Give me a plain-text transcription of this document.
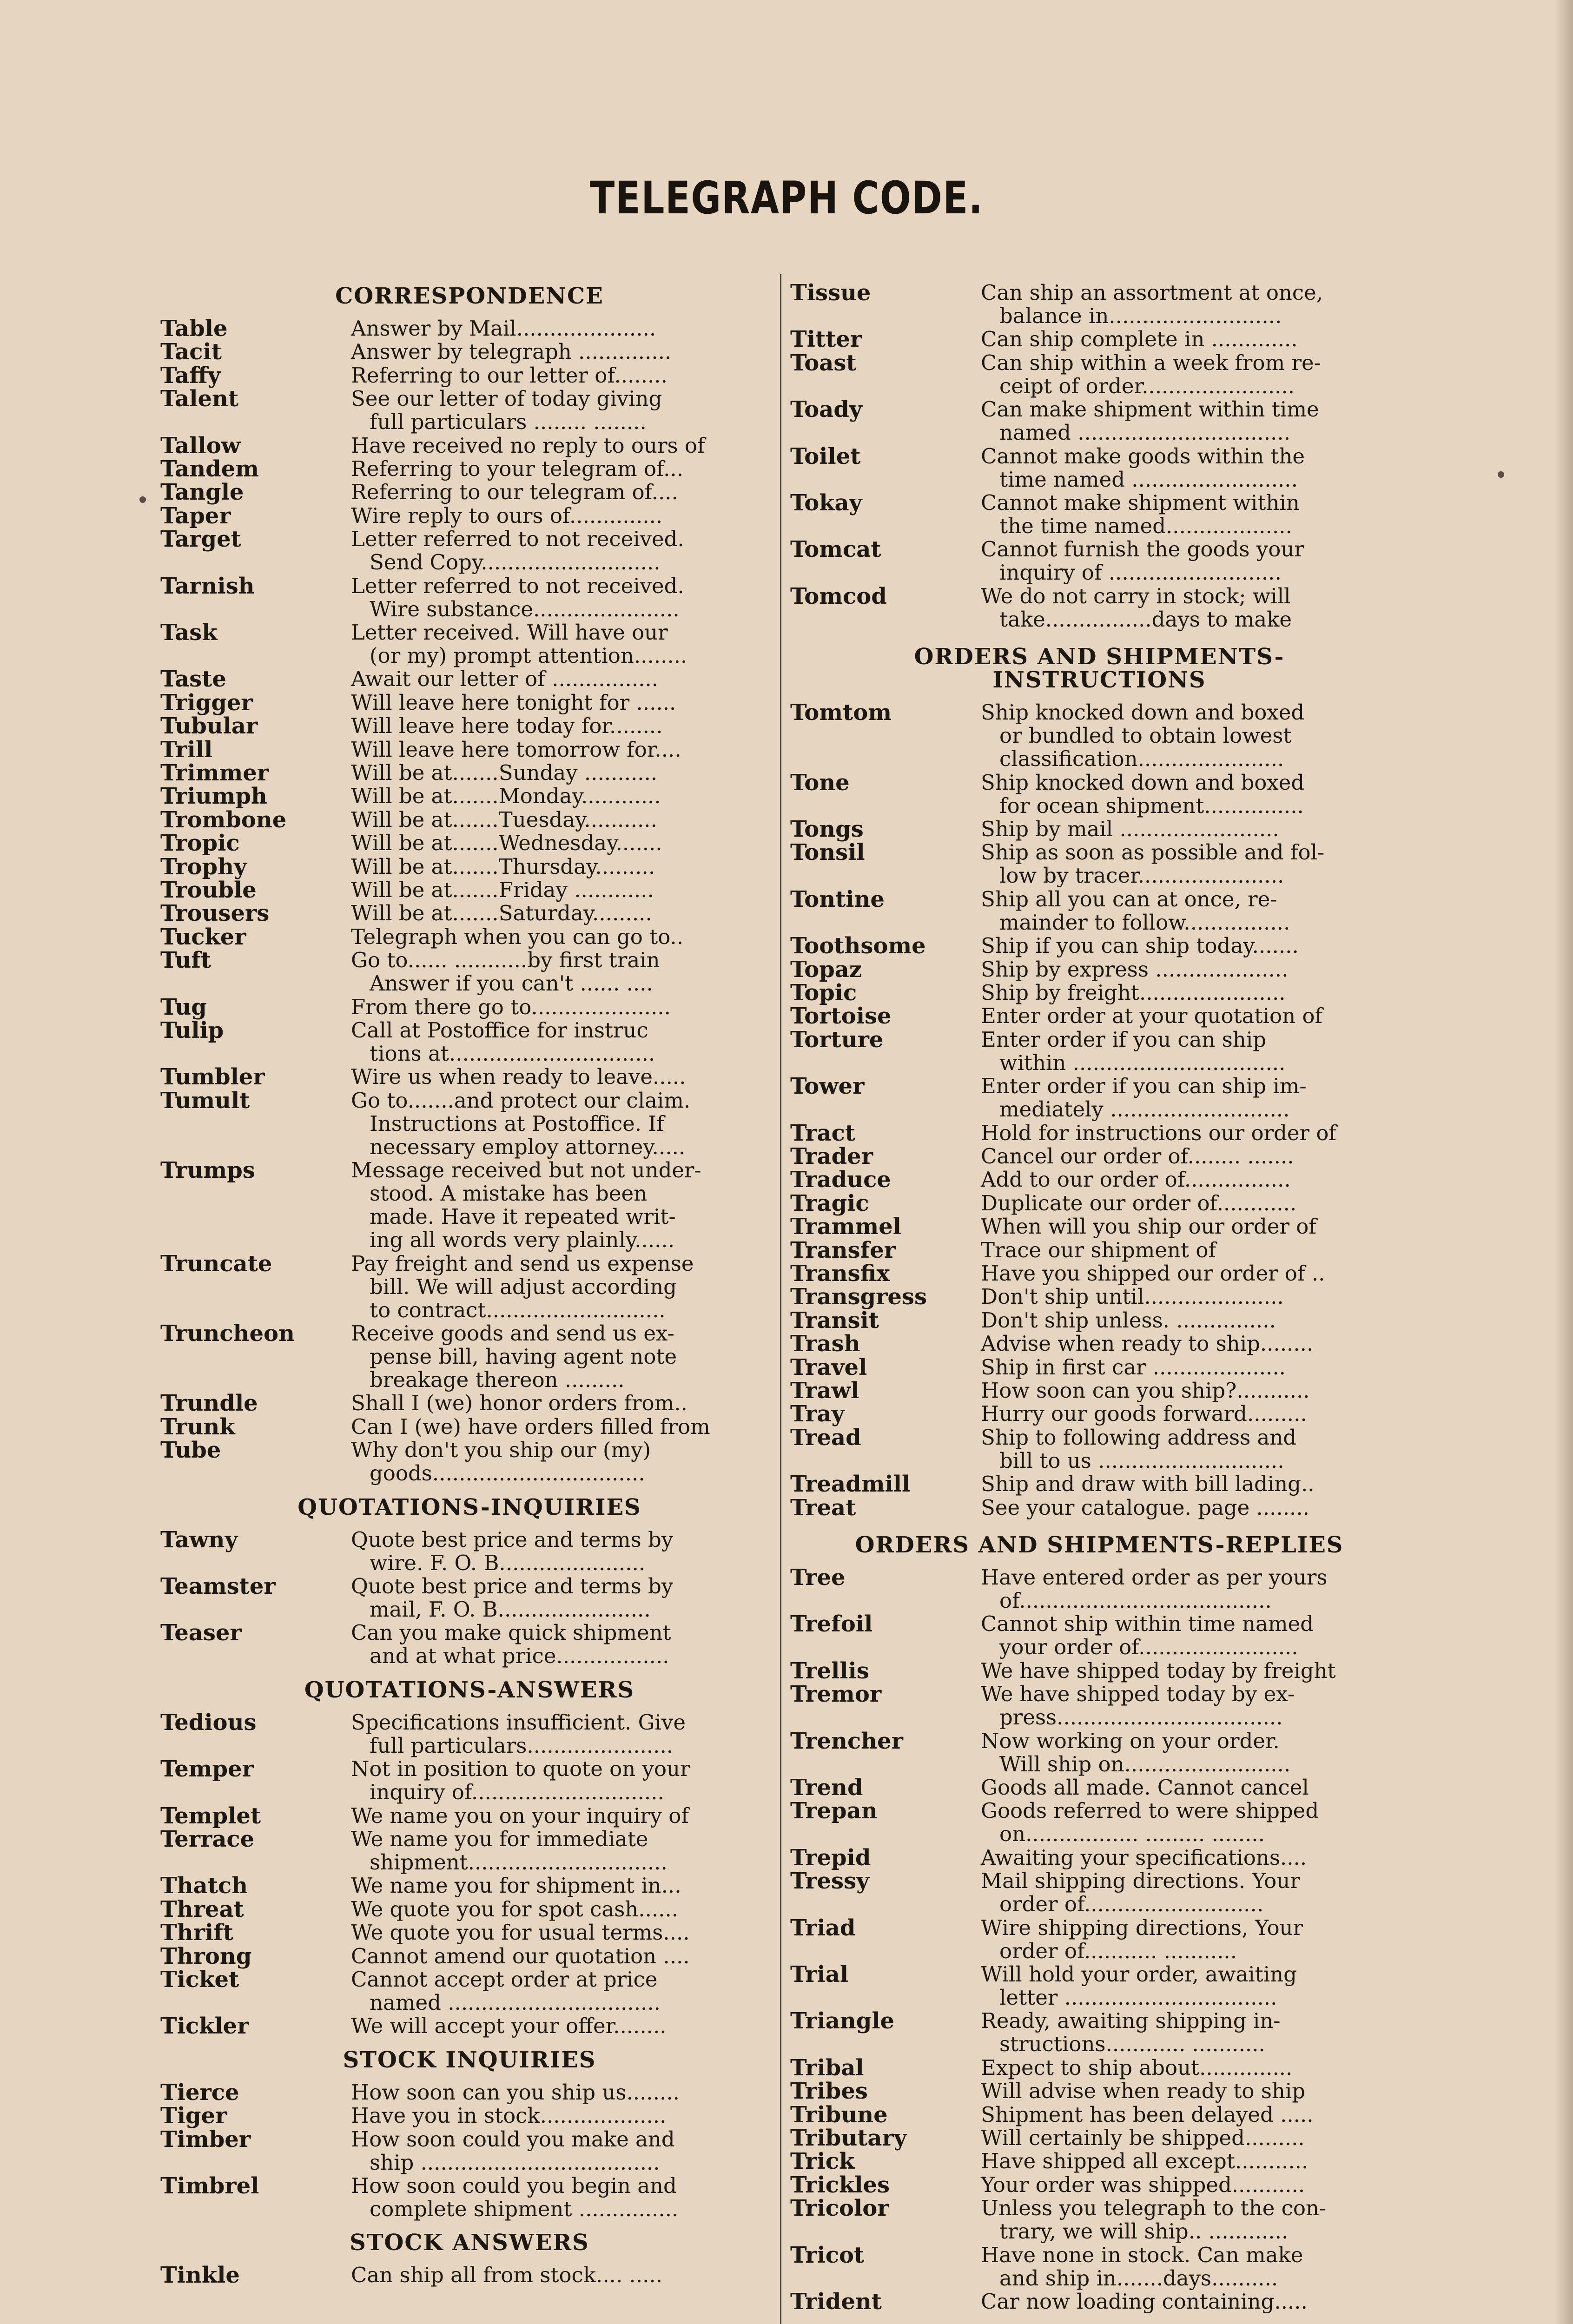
TELEGRAPH CODE.
CORRESPONDENCE
Table	Answer by Mail.....................
Tacit	Answer by telegraph ..............
Taffy	Referring to our letter of........
Talent	See our letter of today giving
full particulars ........ ........
Tallow	Have received no reply to ours of
Tandem	Referring to your telegram of...
Tangle	Referring to our telegram of....
Taper	Wire reply to ours of..............
Target	Letter referred to not received.
Send Copy...........................
Tarnish	Letter referred to not received.
Wire substance......................
Task	Letter received. Will have our
(or my) prompt attention........
Taste	Await our letter of ................
Trigger	Will leave here tonight for ......
Tubular	Will leave here today for........
Trill	Will leave here tomorrow for....
Trimmer	Will be at.......Sunday ...........
Triumph	Will be at.......Monday............
Trombone	Will be at.......Tuesday...........
Tropic	Will be at.......Wednesday.......
Trophy	Will be at.......Thursday.........
Trouble	Will be at.......Friday ............
Trousers	Will be at.......Saturday.........
Tucker	Telegraph when you can go to..
Tuft	Go to...... ...........by first train
Answer if you can't ...... ....
Tug	From there go to.....................
Tulip	Call at Postoffice for instruc
tions at...............................
Tumbler	Wire us when ready to leave.....
Tumult	Go to.......and protect our claim.
Instructions at Postoffice. If
necessary employ attorney.....
Trumps	Message received but not under-
stood. A mistake has been
made. Have it repeated writ-
ing all words very plainly......
Truncate	Pay freight and send us expense
bill. We will adjust according
to contract...........................
Truncheon	Receive goods and send us ex-
pense bill, having agent note
breakage thereon .........
Trundle	Shall I (we) honor orders from..
Trunk	Can I (we) have orders filled from
Tube	Why don't you ship our (my)
goods................................
QUOTATIONS-INQUIRIES
Tawny	Quote best price and terms by
wire. F. O. B......................
Teamster	Quote best price and terms by
mail, F. O. B.......................
Teaser	Can you make quick shipment
and at what price.................
QUOTATIONS-ANSWERS
Tedious	Specifications insufficient. Give
full particulars......................
Temper	Not in position to quote on your
inquiry of.............................
Templet	We name you on your inquiry of
Terrace	We name you for immediate
shipment..............................
Thatch	We name you for shipment in...
Threat	We quote you for spot cash......
Thrift	We quote you for usual terms....
Throng	Cannot amend our quotation ....
Ticket	Cannot accept order at price
named ................................
Tickler	We will accept your offer........
STOCK INQUIRIES
Tierce	How soon can you ship us........
Tiger	Have you in stock...................
Timber	How soon could you make and
ship ....................................
Timbrel	How soon could you begin and
complete shipment ...............
STOCK ANSWERS
Tinkle	Can ship all from stock.... .....
Tissue	Can ship an assortment at once,
balance in..........................
Titter	Can ship complete in .............
Toast	Can ship within a week from re-
ceipt of order.......................
Toady	Can make shipment within time
named ................................
Toilet	Cannot make goods within the
time named .........................
Tokay	Cannot make shipment within
the time named...................
Tomcat	Cannot furnish the goods your
inquiry of ..........................
Tomcod	We do not carry in stock; will
take................days to make
ORDERS AND SHIPMENTS-
INSTRUCTIONS
Tomtom	Ship knocked down and boxed
or bundled to obtain lowest
classification......................
Tone	Ship knocked down and boxed
for ocean shipment...............
Tongs	Ship by mail ........................
Tonsil	Ship as soon as possible and fol-
low by tracer......................
Tontine	Ship all you can at once, re-
mainder to follow................
Toothsome	Ship if you can ship today.......
Topaz	Ship by express ....................
Topic	Ship by freight......................
Tortoise	Enter order at your quotation of
Torture	Enter order if you can ship
within ................................
Tower	Enter order if you can ship im-
mediately ...........................
Tract	Hold for instructions our order of
Trader	Cancel our order of........ .......
Traduce	Add to our order of................
Tragic	Duplicate our order of............
Trammel	When will you ship our order of
Transfer	Trace our shipment of
Transfix	Have you shipped our order of ..
Transgress	Don't ship until.....................
Transit	Don't ship unless. ...............
Trash	Advise when ready to ship........
Travel	Ship in first car ....................
Trawl	How soon can you ship?...........
Tray	Hurry our goods forward.........
Tread	Ship to following address and
bill to us ............................
Treadmill	Ship and draw with bill lading..
Treat	See your catalogue. page ........
ORDERS AND SHIPMENTS-REPLIES
Tree	Have entered order as per yours
of......................................
Trefoil	Cannot ship within time named
your order of........................
Trellis	We have shipped today by freight
Tremor	We have shipped today by ex-
press..................................
Trencher	Now working on your order.
Will ship on.........................
Trend	Goods all made. Cannot cancel
Trepan	Goods referred to were shipped
on................. ......... ........
Trepid	Awaiting your specifications....
Tressy	Mail shipping directions. Your
order of...........................
Triad	Wire shipping directions, Your
order of........... ...........
Trial	Will hold your order, awaiting
letter ................................
Triangle	Ready, awaiting shipping in-
structions............ ...........
Tribal	Expect to ship about..............
Tribes	Will advise when ready to ship
Tribune	Shipment has been delayed .....
Tributary	Will certainly be shipped.........
Trick	Have shipped all except...........
Trickles	Your order was shipped...........
Tricolor	Unless you telegraph to the con-
trary, we will ship.. ............
Tricot	Have none in stock. Can make
and ship in.......days..........
Trident	Car now loading containing.....
